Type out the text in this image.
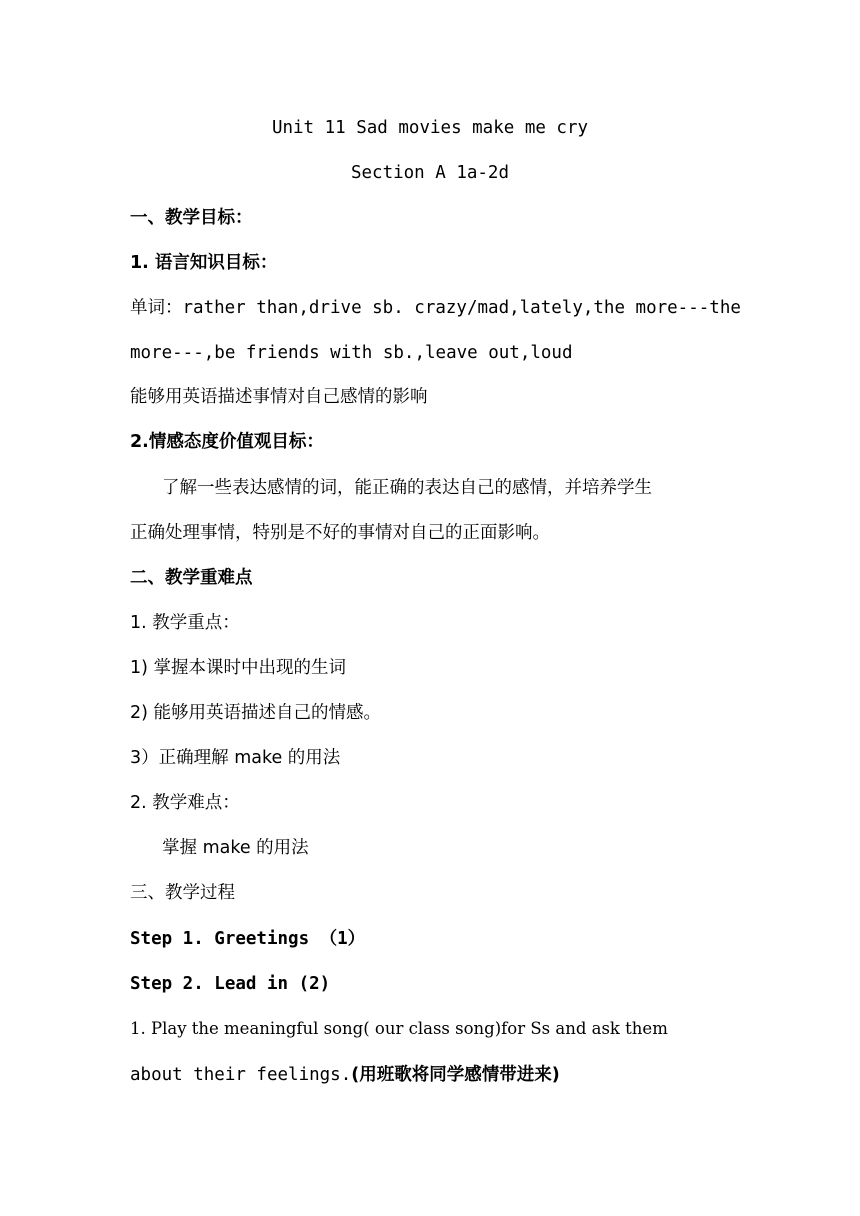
Unit 11 Sad movies make me cry
Section A 1a-2d
一、教学目标：
1. 语言知识目标：
单词：rather than,drive sb. crazy/mad,lately,the more---the
more---,be friends with sb.,leave out,loud
能够用英语描述事情对自己感情的影响
2.情感态度价值观目标：
了解一些表达感情的词，能正确的表达自己的感情，并培养学生
正确处理事情，特别是不好的事情对自己的正面影响。
二、教学重难点
1. 教学重点：
1) 掌握本课时中出现的生词
2) 能够用英语描述自己的情感。
3）正确理解 make 的用法
2. 教学难点：
掌握 make 的用法
三、教学过程
Step 1. Greetings （1）
Step 2. Lead in (2)
1. Play the meaningful song( our class song)for Ss and ask them
about their feelings.(用班歌将同学感情带进来)
